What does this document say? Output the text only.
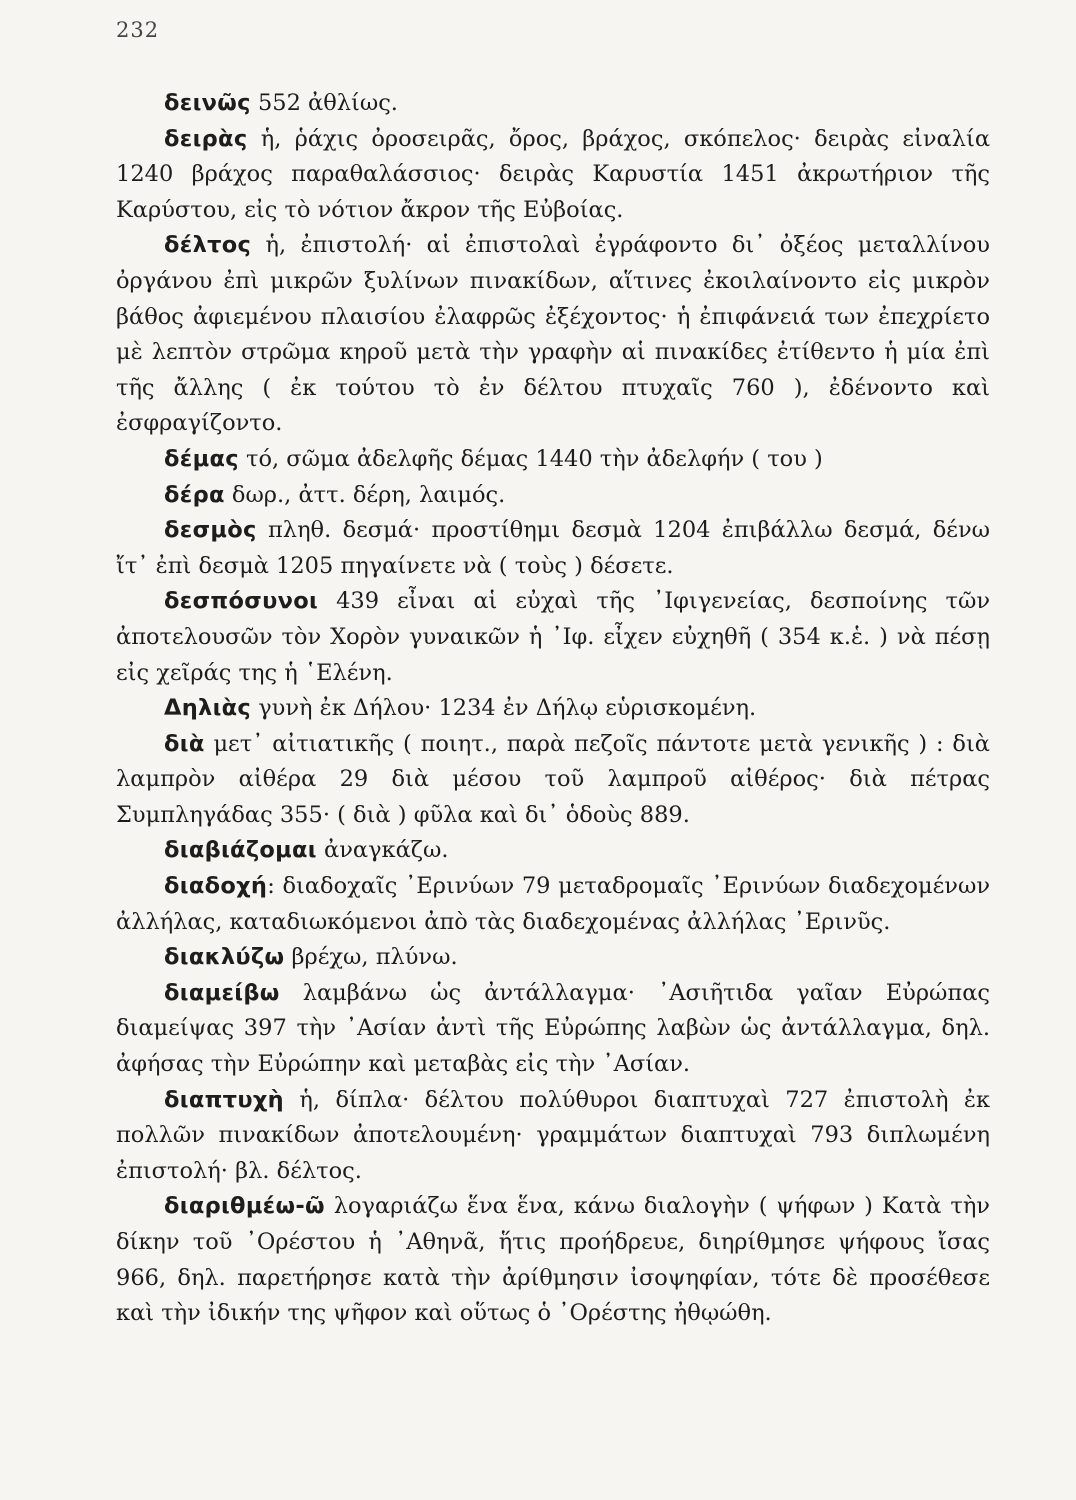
232

δεινῶς 552 ἀθλίως.

δειρὰς ἡ, ῥάχις ὀροσειρᾶς, ὄρος, βράχος, σκόπελος· δειρὰς εἰναλία 1240 βράχος παραθαλάσσιος· δειρὰς Καρυστία 1451 ἀκρωτήριον τῆς Καρύστου, εἰς τὸ νότιον ἄκρον τῆς Εὐβοίας.

δέλτος ἡ, ἐπιστολή· αἱ ἐπιστολαὶ ἐγράφοντο δι᾽ ὀξέος μεταλλίνου ὀργάνου ἐπὶ μικρῶν ξυλίνων πινακίδων, αἵτινες ἐκοιλαίνοντο εἰς μικρὸν βάθος ἀφιεμένου πλαισίου ἐλαφρῶς ἐξέχοντος· ἡ ἐπιφάνειά των ἐπεχρίετο μὲ λεπτὸν στρῶμα κηροῦ μετὰ τὴν γραφὴν αἱ πινακίδες ἐτίθεντο ἡ μία ἐπὶ τῆς ἄλλης ( ἐκ τούτου τὸ ἐν δέλτου πτυχαῖς 760 ), ἐδένοντο καὶ ἐσφραγίζοντο.

δέμας τό, σῶμα ἀδελφῆς δέμας 1440 τὴν ἀδελφήν ( του )

δέρα δωρ., ἀττ. δέρη, λαιμός.

δεσμὸς πληθ. δεσμά· προστίθημι δεσμὰ 1204 ἐπιβάλλω δεσμά, δένω ἴτ᾽ ἐπὶ δεσμὰ 1205 πηγαίνετε νὰ ( τοὺς ) δέσετε.

δεσπόσυνοι 439 εἶναι αἱ εὐχαὶ τῆς ᾽Ιφιγενείας, δεσποίνης τῶν ἀποτελουσῶν τὸν Χορὸν γυναικῶν ἡ ᾽Ιφ. εἶχεν εὐχηθῆ ( 354 κ.ἑ. ) νὰ πέσῃ εἰς χεῖράς της ἡ ῾Ελένη.

Δηλιὰς γυνὴ ἐκ Δήλου· 1234 ἐν Δήλῳ εὑρισκομένη.

διὰ μετ᾽ αἰτιατικῆς ( ποιητ., παρὰ πεζοῖς πάντοτε μετὰ γενικῆς ) : διὰ λαμπρὸν αἰθέρα 29 διὰ μέσου τοῦ λαμπροῦ αἰθέρος· διὰ πέτρας Συμπληγάδας 355· ( διὰ ) φῦλα καὶ δι᾽ ὁδοὺς 889.

διαβιάζομαι ἀναγκάζω.

διαδοχή: διαδοχαῖς ᾽Ερινύων 79 μεταδρομαῖς ᾽Ερινύων διαδεχομένων ἀλλήλας, καταδιωκόμενοι ἀπὸ τὰς διαδεχομένας ἀλλήλας ᾽Ερινῦς.

διακλύζω βρέχω, πλύνω.

διαμείβω λαμβάνω ὡς ἀντάλλαγμα· ᾽Ασιῆτιδα γαῖαν Εὐρώπας διαμείψας 397 τὴν ᾽Ασίαν ἀντὶ τῆς Εὐρώπης λαβὼν ὡς ἀντάλλαγμα, δηλ. ἀφήσας τὴν Εὐρώπην καὶ μεταβὰς εἰς τὴν ᾽Ασίαν.

διαπτυχὴ ἡ, δίπλα· δέλτου πολύθυροι διαπτυχαὶ 727 ἐπιστολὴ ἐκ πολλῶν πινακίδων ἀποτελουμένη· γραμμάτων διαπτυχαὶ 793 διπλωμένη ἐπιστολή· βλ. δέλτος.

διαριθμέω-ῶ λογαριάζω ἕνα ἕνα, κάνω διαλογὴν ( ψήφων ) Κατὰ τὴν δίκην τοῦ ᾽Ορέστου ἡ ᾽Αθηνᾶ, ἥτις προήδρευε, διηρίθμησε ψήφους ἴσας 966, δηλ. παρετήρησε κατὰ τὴν ἀρίθμησιν ἰσοψηφίαν, τότε δὲ προσέθεσε καὶ τὴν ἰδικήν της ψῆφον καὶ οὕτως ὁ ᾽Ορέστης ἠθῳώθη.
